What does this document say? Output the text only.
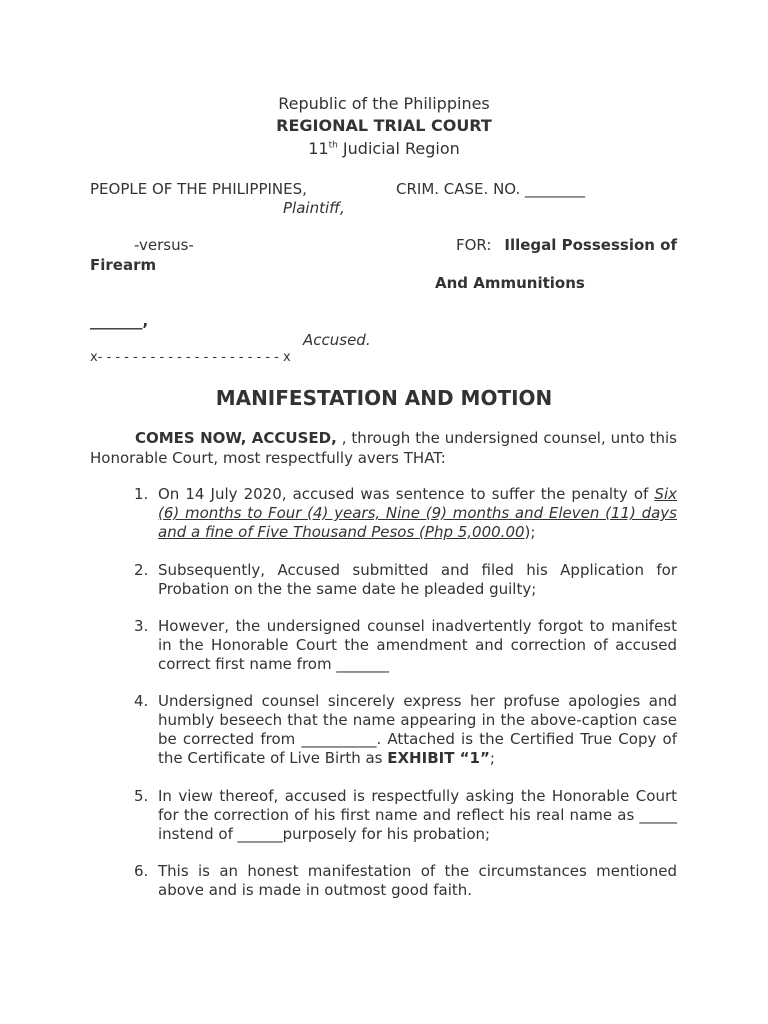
Republic of the Philippines
REGIONAL TRIAL COURT
11th Judicial Region
PEOPLE OF THE PHILIPPINES,	CRIM. CASE. NO. ________
Plaintiff,
-versus-	FOR: Illegal Possession of
Firearm
And Ammunitions
_______,
Accused.
x- - - - - - - - - - - - - - - - - - - - - x
MANIFESTATION AND MOTION
COMES NOW, ACCUSED, , through the undersigned counsel, unto this Honorable Court, most respectfully avers THAT:
1. On 14 July 2020, accused was sentence to suffer the penalty of Six (6) months to Four (4) years, Nine (9) months and Eleven (11) days and a fine of Five Thousand Pesos (Php 5,000.00);
2. Subsequently, Accused submitted and filed his Application for Probation on the the same date he pleaded guilty;
3. However, the undersigned counsel inadvertently forgot to manifest in the Honorable Court the amendment and correction of accused correct first name from _______
4. Undersigned counsel sincerely express her profuse apologies and humbly beseech that the name appearing in the above-caption case be corrected from __________. Attached is the Certified True Copy of the Certificate of Live Birth as EXHIBIT “1”;
5. In view thereof, accused is respectfully asking the Honorable Court for the correction of his first name and reflect his real name as _____ instend of ______purposely for his probation;
6. This is an honest manifestation of the circumstances mentioned above and is made in outmost good faith.
